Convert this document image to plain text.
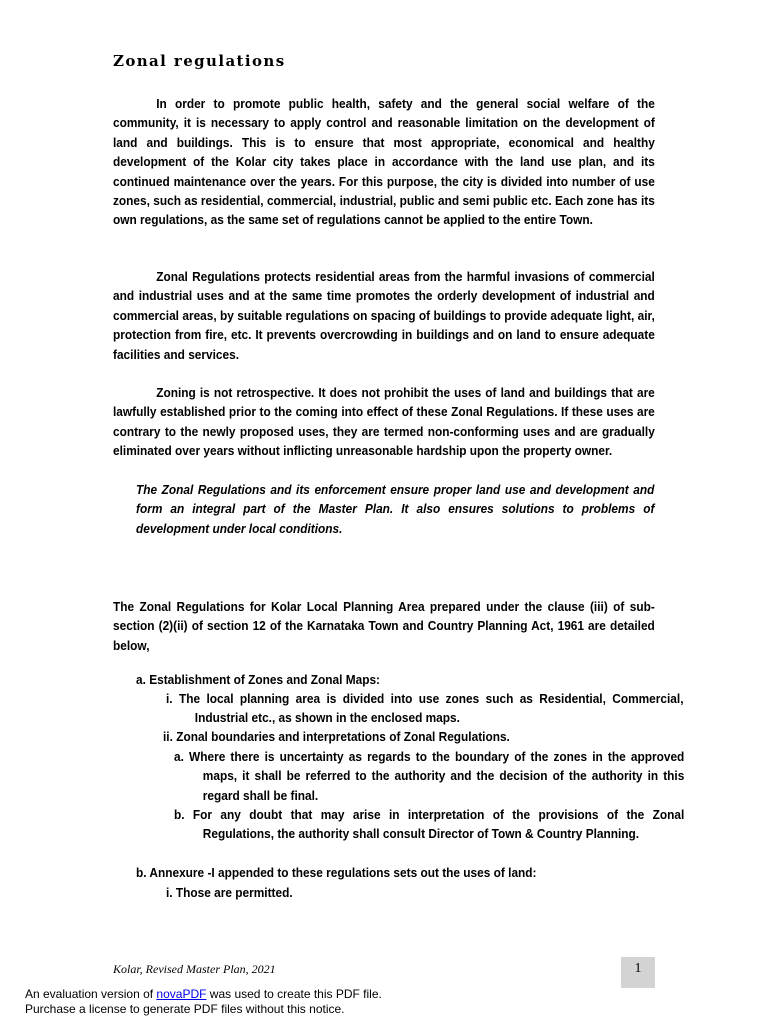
Zonal regulations
In order to promote public health, safety and the general social welfare of the community, it is necessary to apply control and reasonable limitation on the development of land and buildings. This is to ensure that most appropriate, economical and healthy development of the Kolar city takes place in accordance with the land use plan, and its continued maintenance over the years. For this purpose, the city is divided into number of use zones, such as residential, commercial, industrial, public and semi public etc. Each zone has its own regulations, as the same set of regulations cannot be applied to the entire Town.
Zonal Regulations protects residential areas from the harmful invasions of commercial and industrial uses and at the same time promotes the orderly development of industrial and commercial areas, by suitable regulations on spacing of buildings to provide adequate light, air, protection from fire, etc. It prevents overcrowding in buildings and on land to ensure adequate facilities and services.
Zoning is not retrospective. It does not prohibit the uses of land and buildings that are lawfully established prior to the coming into effect of these Zonal Regulations. If these uses are contrary to the newly proposed uses, they are termed non-conforming uses and are gradually eliminated over years without inflicting unreasonable hardship upon the property owner.
The Zonal Regulations and its enforcement ensure proper land use and development and form an integral part of the Master Plan. It also ensures solutions to problems of development under local conditions.
The Zonal Regulations for Kolar Local Planning Area prepared under the clause (iii) of sub-section (2)(ii) of section 12 of the Karnataka Town and Country Planning Act, 1961 are detailed below,
a. Establishment of Zones and Zonal Maps:
i. The local planning area is divided into use zones such as Residential, Commercial, Industrial etc., as shown in the enclosed maps.
ii. Zonal boundaries and interpretations of Zonal Regulations.
a. Where there is uncertainty as regards to the boundary of the zones in the approved maps, it shall be referred to the authority and the decision of the authority in this regard shall be final.
b. For any doubt that may arise in interpretation of the provisions of the Zonal Regulations, the authority shall consult Director of Town & Country Planning.
b. Annexure -I appended to these regulations sets out the uses of land:
i. Those are permitted.
Kolar, Revised Master Plan, 2021	1
An evaluation version of novaPDF was used to create this PDF file.
Purchase a license to generate PDF files without this notice.
